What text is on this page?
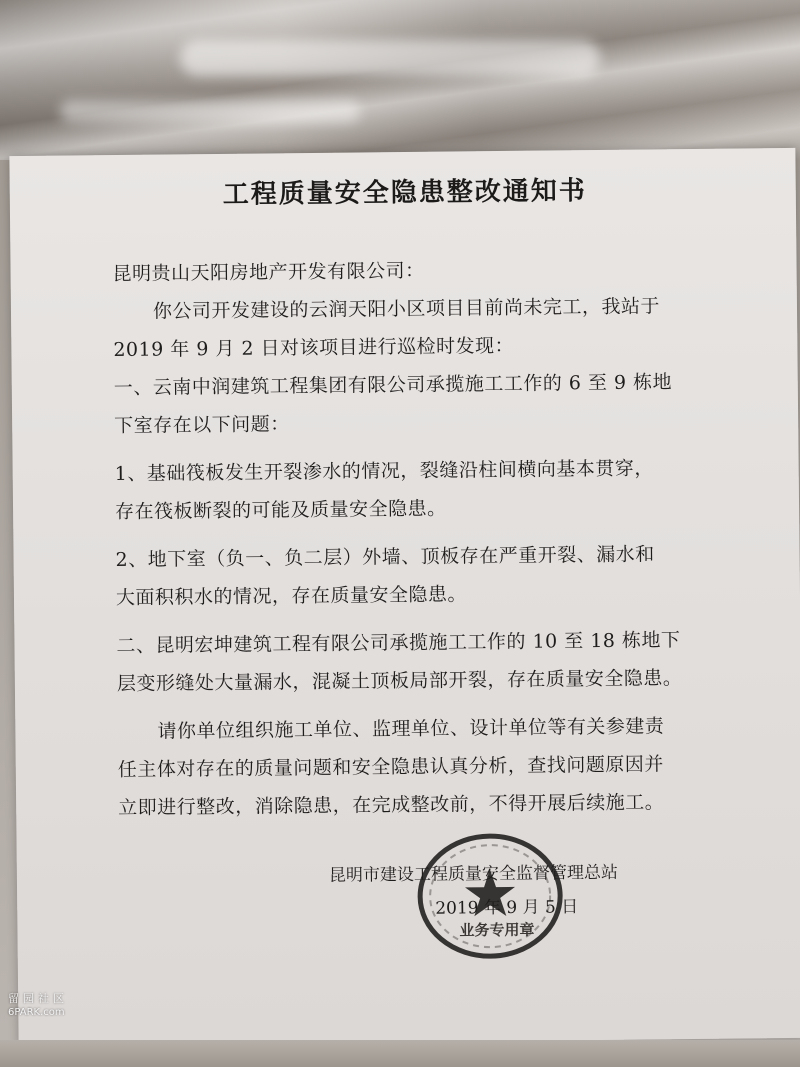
工程质量安全隐患整改通知书
昆明贵山天阳房地产开发有限公司：
你公司开发建设的云润天阳小区项目目前尚未完工，我站于
2019 年 9 月 2 日对该项目进行巡检时发现：
一、云南中润建筑工程集团有限公司承揽施工工作的 6 至 9 栋地
下室存在以下问题：
1、基础筏板发生开裂渗水的情况，裂缝沿柱间横向基本贯穿，
存在筏板断裂的可能及质量安全隐患。
2、地下室（负一、负二层）外墙、顶板存在严重开裂、漏水和
大面积积水的情况，存在质量安全隐患。
二、昆明宏坤建筑工程有限公司承揽施工工作的 10 至 18 栋地下
层变形缝处大量漏水，混凝土顶板局部开裂，存在质量安全隐患。
请你单位组织施工单位、监理单位、设计单位等有关参建责
任主体对存在的质量问题和安全隐患认真分析，查找问题原因并
立即进行整改，消除隐患，在完成整改前，不得开展后续施工。
昆明市建设工程质量安全监督管理总站
2019 年 9 月 5 日
业务专用章
留园社区
6PARK.com
